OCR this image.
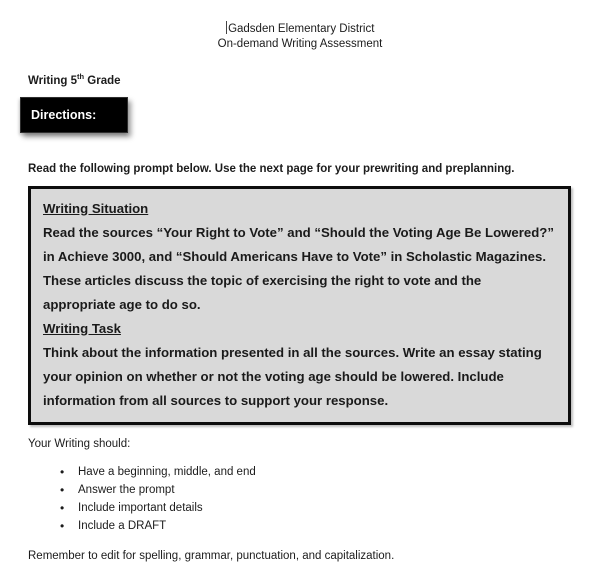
Gadsden Elementary District
On-demand Writing Assessment
Writing 5th Grade
Directions:
Read the following prompt below. Use the next page for your prewriting and preplanning.
Writing Situation

Read the sources “Your Right to Vote” and “Should the Voting Age Be Lowered?” in Achieve 3000, and “Should Americans Have to Vote” in Scholastic Magazines. These articles discuss the topic of exercising the right to vote and the appropriate age to do so.

Writing Task

Think about the information presented in all the sources. Write an essay stating your opinion on whether or not the voting age should be lowered. Include information from all sources to support your response.

Your Writing should:
• Have a beginning, middle, and end
• Answer the prompt
• Include important details
• Include a DRAFT
Remember to edit for spelling, grammar, punctuation, and capitalization.
